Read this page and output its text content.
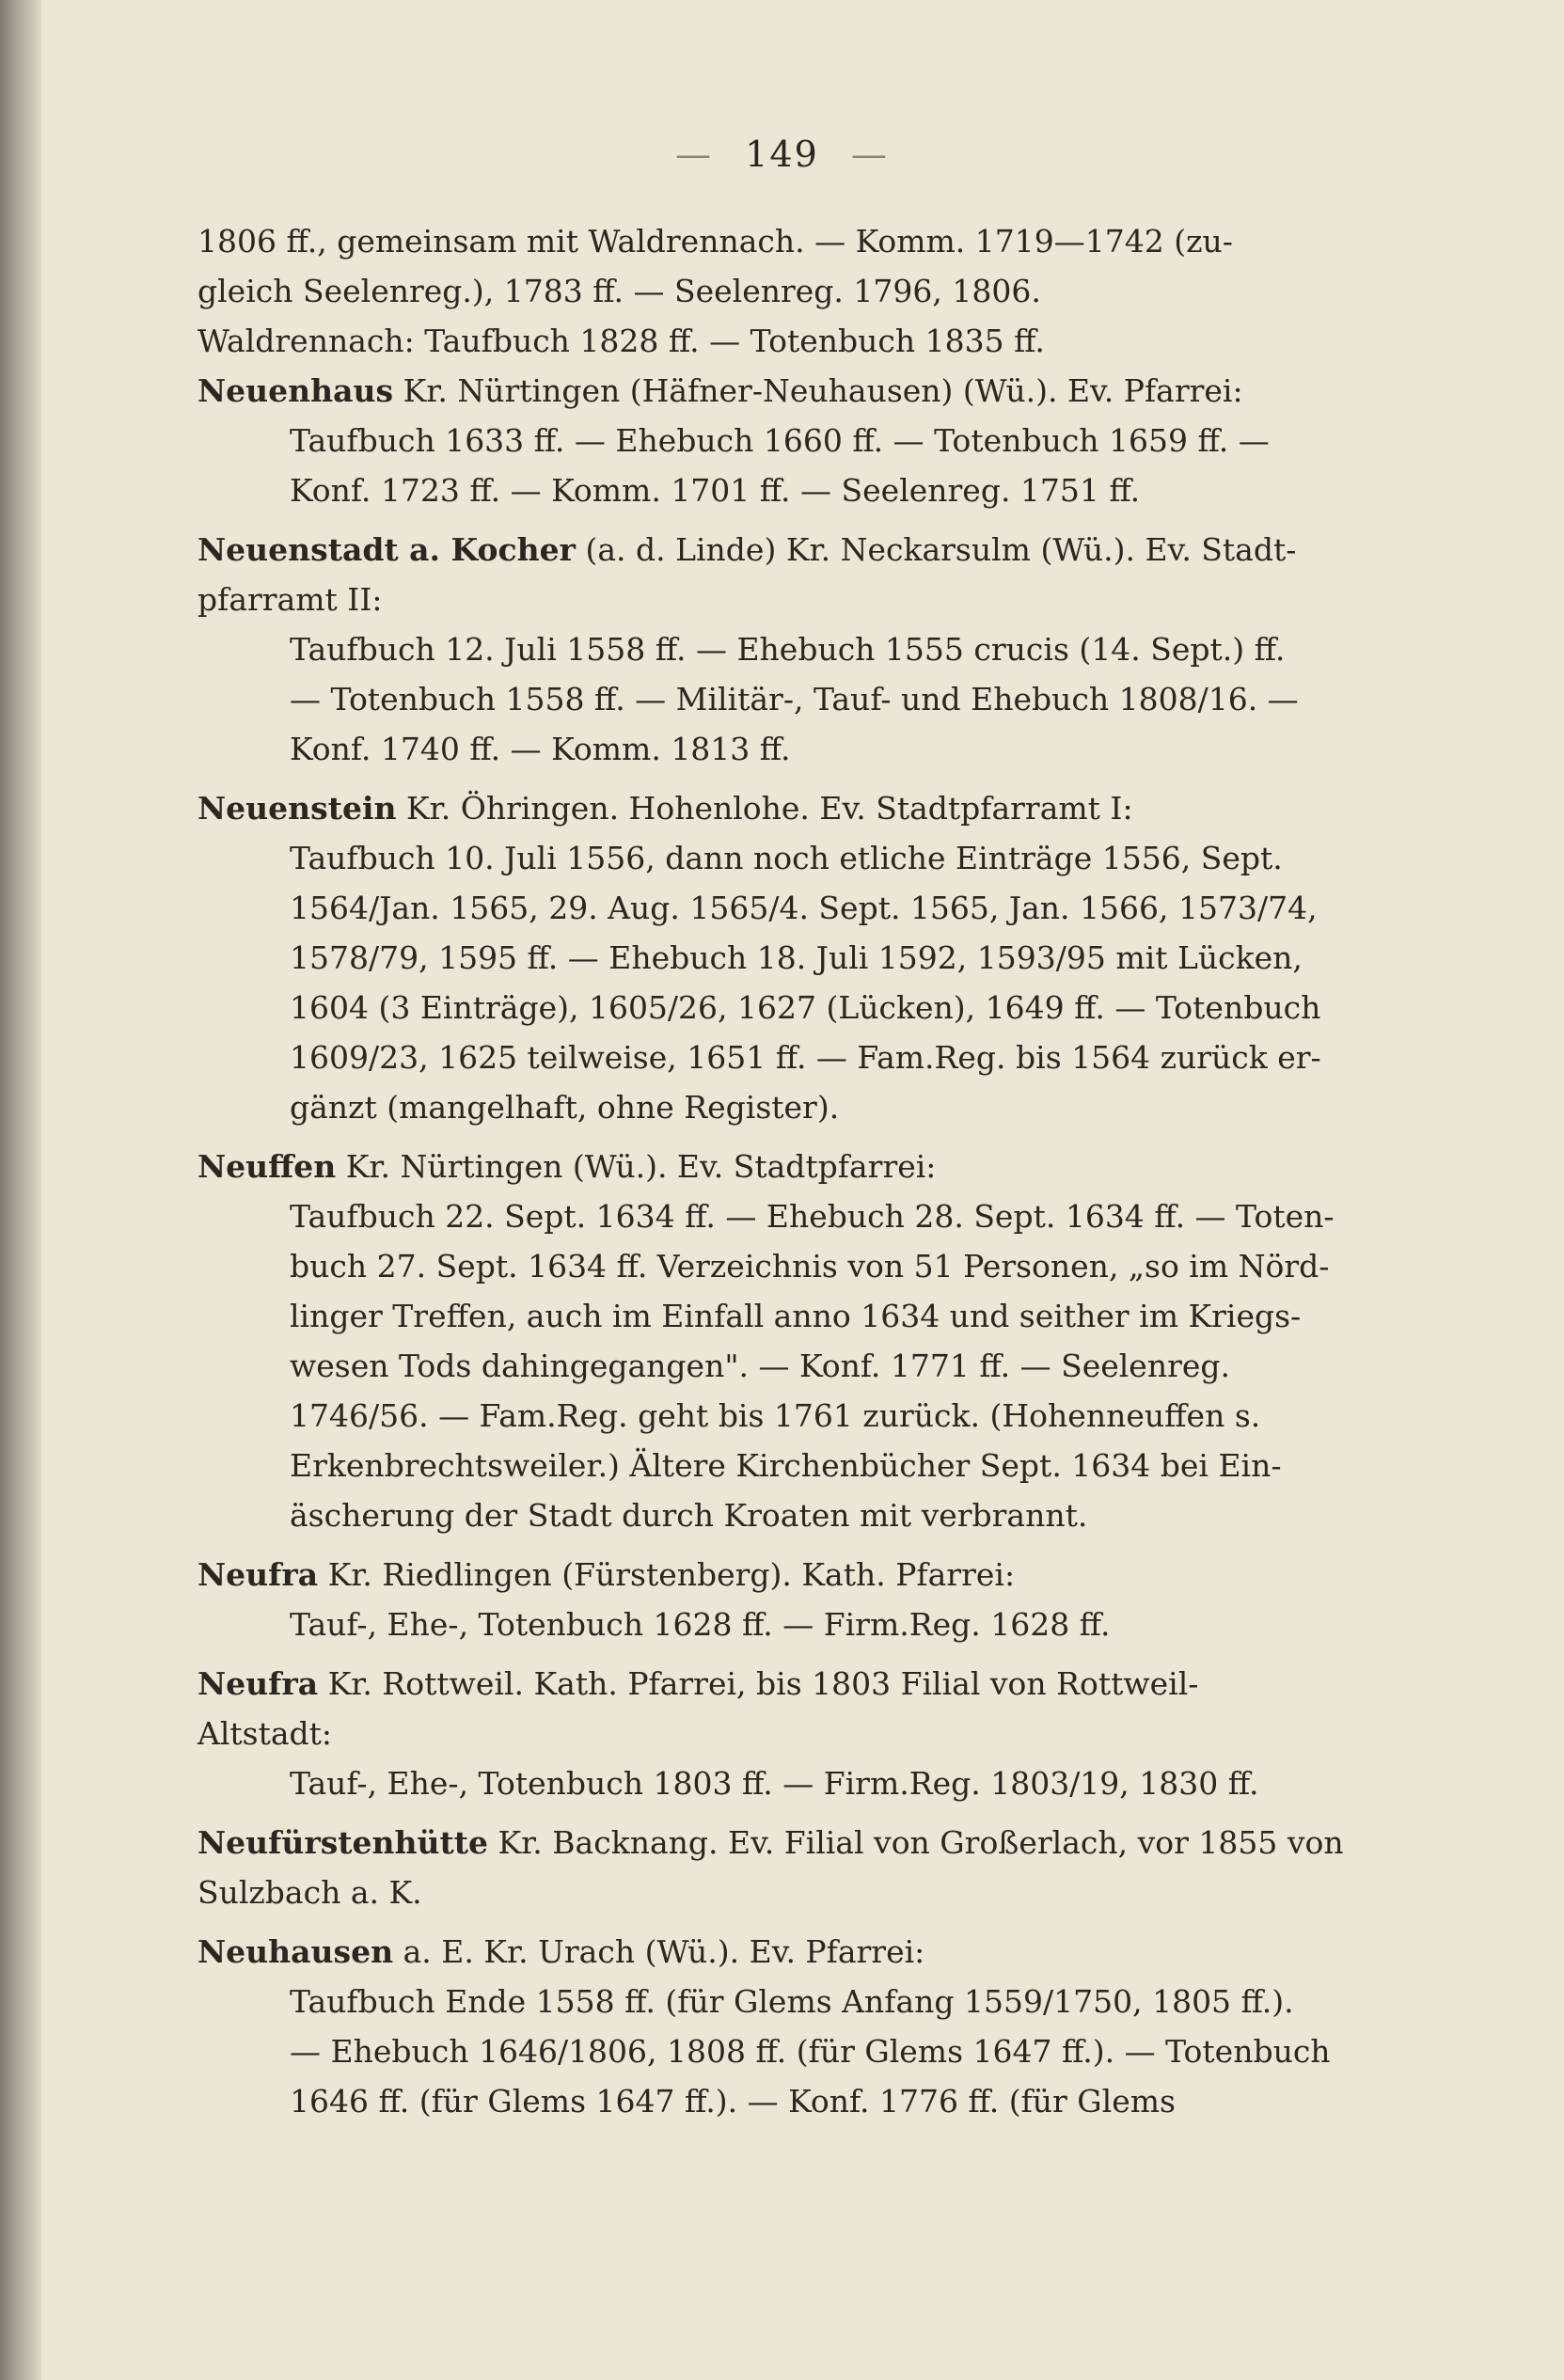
— 149 —
1806 ff., gemeinsam mit Waldrennach. — Komm. 1719—1742 (zu-
gleich Seelenreg.), 1783 ff. — Seelenreg. 1796, 1806.
Waldrennach: Taufbuch 1828 ff. — Totenbuch 1835 ff.
Neuenhaus Kr. Nürtingen (Häfner-Neuhausen) (Wü.). Ev. Pfarrei:
Taufbuch 1633 ff. — Ehebuch 1660 ff. — Totenbuch 1659 ff. —
Konf. 1723 ff. — Komm. 1701 ff. — Seelenreg. 1751 ff.
Neuenstadt a. Kocher (a. d. Linde) Kr. Neckarsulm (Wü.). Ev. Stadt-
pfarramt II:
Taufbuch 12. Juli 1558 ff. — Ehebuch 1555 crucis (14. Sept.) ff.
— Totenbuch 1558 ff. — Militär-, Tauf- und Ehebuch 1808/16. —
Konf. 1740 ff. — Komm. 1813 ff.
Neuenstein Kr. Öhringen. Hohenlohe. Ev. Stadtpfarramt I:
Taufbuch 10. Juli 1556, dann noch etliche Einträge 1556, Sept.
1564/Jan. 1565, 29. Aug. 1565/4. Sept. 1565, Jan. 1566, 1573/74,
1578/79, 1595 ff. — Ehebuch 18. Juli 1592, 1593/95 mit Lücken,
1604 (3 Einträge), 1605/26, 1627 (Lücken), 1649 ff. — Totenbuch
1609/23, 1625 teilweise, 1651 ff. — Fam.Reg. bis 1564 zurück er-
gänzt (mangelhaft, ohne Register).
Neuffen Kr. Nürtingen (Wü.). Ev. Stadtpfarrei:
Taufbuch 22. Sept. 1634 ff. — Ehebuch 28. Sept. 1634 ff. — Toten-
buch 27. Sept. 1634 ff. Verzeichnis von 51 Personen, „so im Nörd-
linger Treffen, auch im Einfall anno 1634 und seither im Kriegs-
wesen Tods dahingegangen". — Konf. 1771 ff. — Seelenreg.
1746/56. — Fam.Reg. geht bis 1761 zurück. (Hohenneuffen s.
Erkenbrechtsweiler.) Ältere Kirchenbücher Sept. 1634 bei Ein-
äscherung der Stadt durch Kroaten mit verbrannt.
Neufra Kr. Riedlingen (Fürstenberg). Kath. Pfarrei:
Tauf-, Ehe-, Totenbuch 1628 ff. — Firm.Reg. 1628 ff.
Neufra Kr. Rottweil. Kath. Pfarrei, bis 1803 Filial von Rottweil-
Altstadt:
Tauf-, Ehe-, Totenbuch 1803 ff. — Firm.Reg. 1803/19, 1830 ff.
Neufürstenhütte Kr. Backnang. Ev. Filial von Großerlach, vor 1855 von
Sulzbach a. K.
Neuhausen a. E. Kr. Urach (Wü.). Ev. Pfarrei:
Taufbuch Ende 1558 ff. (für Glems Anfang 1559/1750, 1805 ff.).
— Ehebuch 1646/1806, 1808 ff. (für Glems 1647 ff.). — Totenbuch
1646 ff. (für Glems 1647 ff.). — Konf. 1776 ff. (für Glems
